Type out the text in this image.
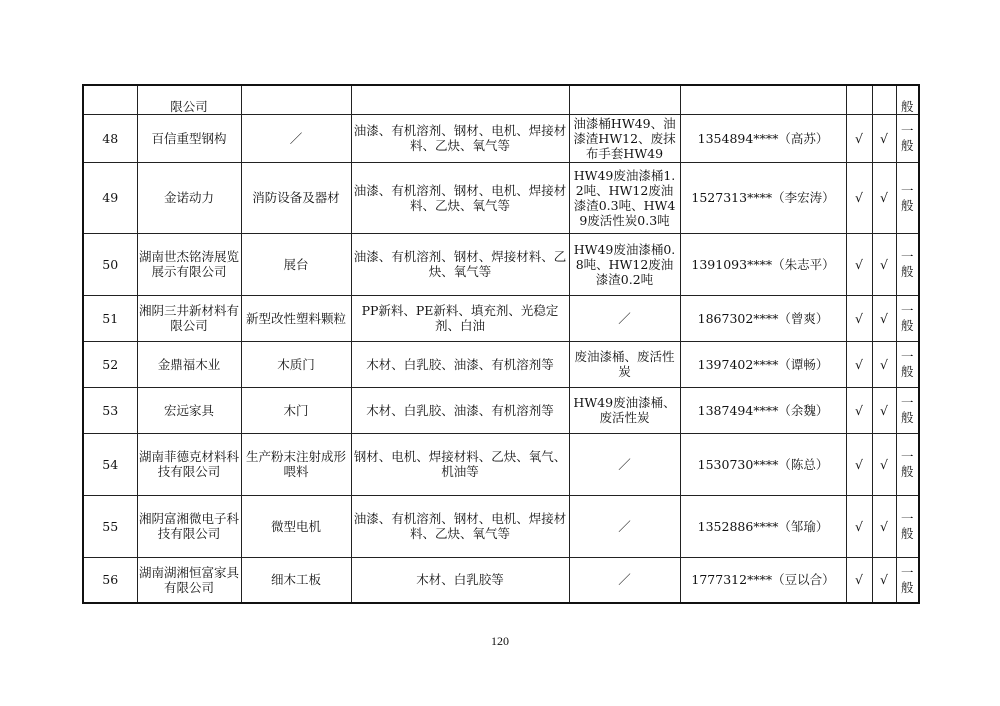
	限公司							般
48	百信重型钢构	／	油漆、有机溶剂、钢材、电机、焊接材料、乙炔、氧气等	油漆桶HW49、油漆渣HW12、废抹布手套HW49	1354894****（高苏）	√	√	一般
49	金诺动力	消防设备及器材	油漆、有机溶剂、钢材、电机、焊接材料、乙炔、氧气等	HW49废油漆桶1.2吨、HW12废油漆渣0.3吨、HW49废活性炭0.3吨	1527313****（李宏涛）	√	√	一般
50	湖南世杰铭涛展览展示有限公司	展台	油漆、有机溶剂、钢材、焊接材料、乙炔、氧气等	HW49废油漆桶0.8吨、HW12废油漆渣0.2吨	1391093****（朱志平）	√	√	一般
51	湘阴三井新材料有限公司	新型改性塑料颗粒	PP新料、PE新料、填充剂、光稳定剂、白油	／	1867302****（曾爽）	√	√	一般
52	金鼎福木业	木质门	木材、白乳胶、油漆、有机溶剂等	废油漆桶、废活性炭	1397402****（谭畅）	√	√	一般
53	宏远家具	木门	木材、白乳胶、油漆、有机溶剂等	HW49废油漆桶、废活性炭	1387494****（余魏）	√	√	一般
54	湖南菲德克材料科技有限公司	生产粉末注射成形喂料	钢材、电机、焊接材料、乙炔、氧气、机油等	／	1530730****（陈总）	√	√	一般
55	湘阴富湘微电子科技有限公司	微型电机	油漆、有机溶剂、钢材、电机、焊接材料、乙炔、氧气等	／	1352886****（邹瑜）	√	√	一般
56	湖南湖湘恒富家具有限公司	细木工板	木材、白乳胶等	／	1777312****（豆以合）	√	√	一般
120
